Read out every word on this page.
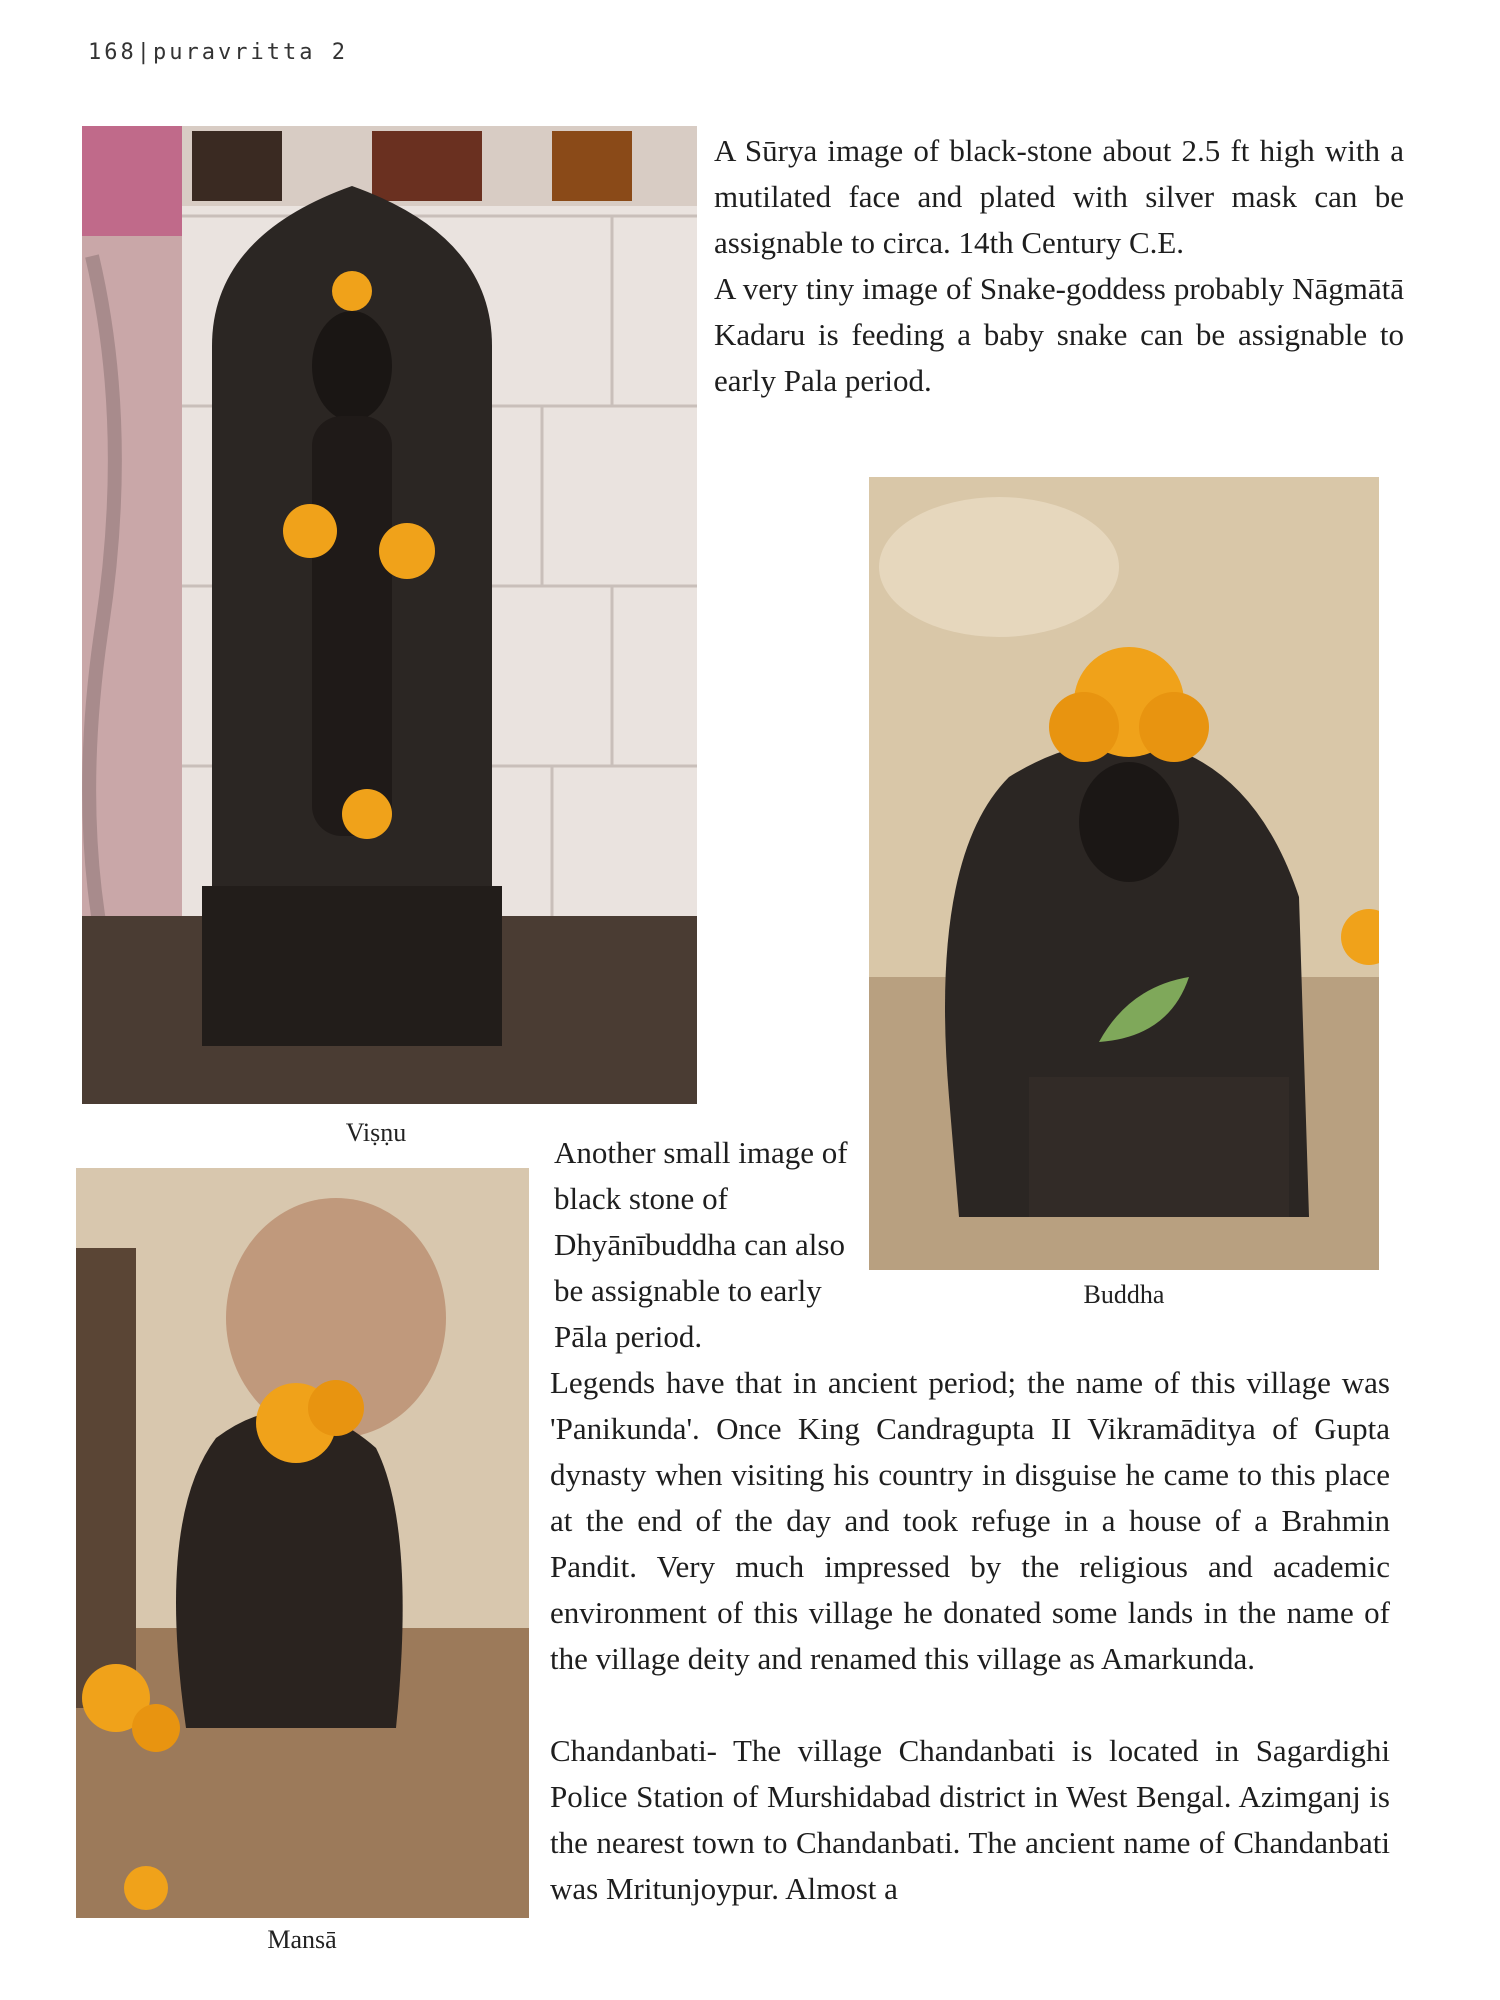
168|puravritta 2
Viṣṇu
Buddha
Mansā

A Sūrya image of black-stone about 2.5 ft high with a mutilated face and plated with silver mask can be assignable to circa. 14th Century C.E.

A very tiny image of Snake-goddess probably Nāgmātā Kadaru is feeding a baby snake can be assignable to early Pala period.

Another small image of black stone of Dhyānībuddha can also be assignable to early Pāla period.

Legends have that in ancient period; the name of this village was 'Panikunda'. Once King Candragupta II Vikramāditya of Gupta dynasty when visiting his country in disguise he came to this place at the end of the day and took refuge in a house of a Brahmin Pandit. Very much impressed by the religious and academic environment of this village he donated some lands in the name of the village deity and renamed this village as Amarkunda.

Chandanbati- The village Chandanbati is located in Sagardighi Police Station of Murshidabad district in West Bengal. Azimganj is the nearest town to Chandanbati. The ancient name of Chandanbati was Mritunjoypur. Almost a
